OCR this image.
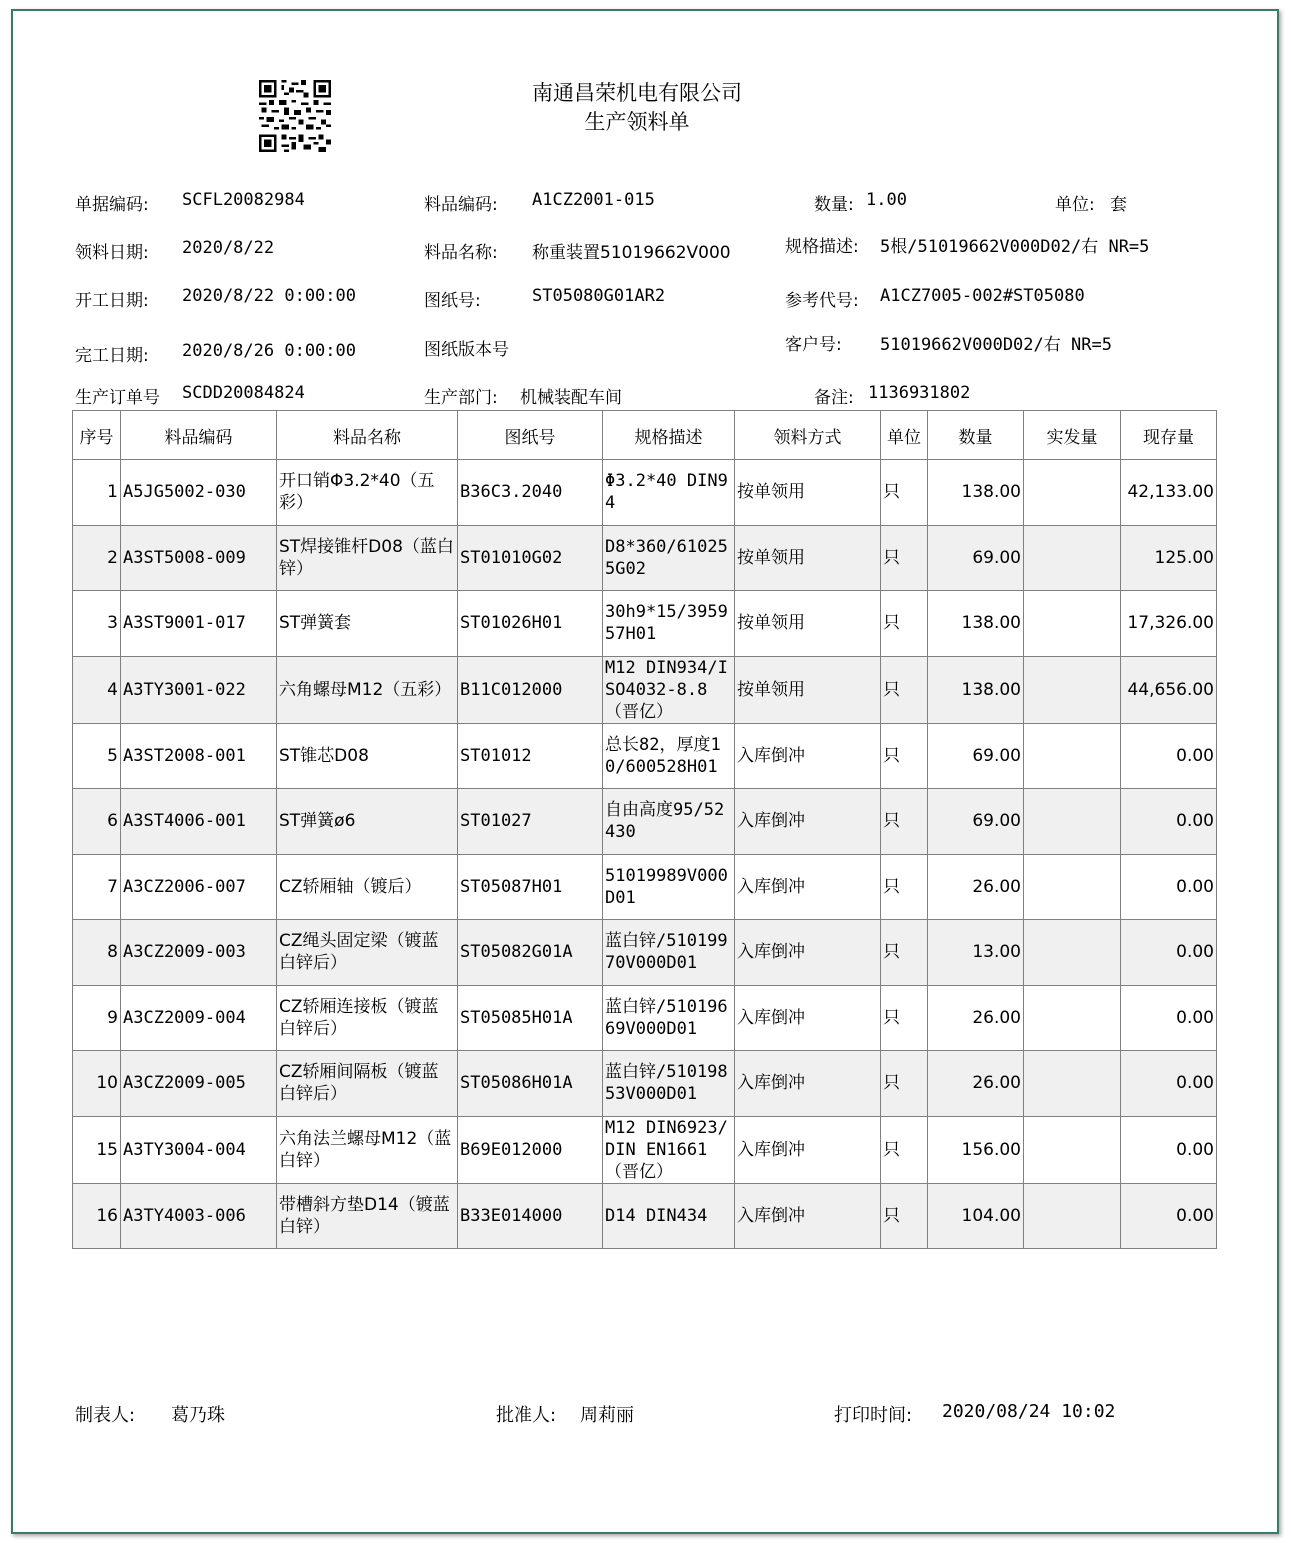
南通昌荣机电有限公司
生产领料单
单据编码: SCFL20082984	料品编码: A1CZ2001-015	数量: 1.00	单位: 套
领料日期: 2020/8/22	料品名称: 称重装置51019662V000	规格描述: 5根/51019662V000D02/右 NR=5
开工日期: 2020/8/22 0:00:00	图纸号:	ST05080G01AR2	参考代号: A1CZ7005-002#ST05080
完工日期: 2020/8/26 0:00:00	图纸版本号	客户号: 51019662V000D02/右 NR=5
生产订单号 SCDD20084824	生产部门: 机械装配车间	备注: 1136931802
序号	料品编码	料品名称	图纸号	规格描述	领料方式	单位	数量	实发量	现存量
1	A5JG5002-030	开口销Φ3.2*40（五彩）	B36C3.2040	Φ3.2*40 DIN94	按单领用	只	138.00		42,133.00
2	A3ST5008-009	ST焊接锥杆D08（蓝白锌）	ST01010G02	D8*360/610255G02	按单领用	只	69.00		125.00
3	A3ST9001-017	ST弹簧套	ST01026H01	30h9*15/395957H01	按单领用	只	138.00		17,326.00
4	A3TY3001-022	六角螺母M12（五彩）	B11C012000	M12 DIN934/ISO4032-8.8（晋亿）	按单领用	只	138.00		44,656.00
5	A3ST2008-001	ST锥芯D08	ST01012	总长82，厚度10/600528H01	入库倒冲	只	69.00		0.00
6	A3ST4006-001	ST弹簧ø6	ST01027	自由高度95/52430	入库倒冲	只	69.00		0.00
7	A3CZ2006-007	CZ轿厢轴（镀后）	ST05087H01	51019989V000D01	入库倒冲	只	26.00		0.00
8	A3CZ2009-003	CZ绳头固定梁（镀蓝白锌后）	ST05082G01A	蓝白锌/51019970V000D01	入库倒冲	只	13.00		0.00
9	A3CZ2009-004	CZ轿厢连接板（镀蓝白锌后）	ST05085H01A	蓝白锌/51019669V000D01	入库倒冲	只	26.00		0.00
10	A3CZ2009-005	CZ轿厢间隔板（镀蓝白锌后）	ST05086H01A	蓝白锌/51019853V000D01	入库倒冲	只	26.00		0.00
15	A3TY3004-004	六角法兰螺母M12（蓝白锌）	B69E012000	M12 DIN6923/DIN EN1661（晋亿）	入库倒冲	只	156.00		0.00
16	A3TY4003-006	带槽斜方垫D14（镀蓝白锌）	B33E014000	D14 DIN434	入库倒冲	只	104.00		0.00
制表人: 葛乃珠	批准人: 周莉丽	打印时间: 2020/08/24 10:02
